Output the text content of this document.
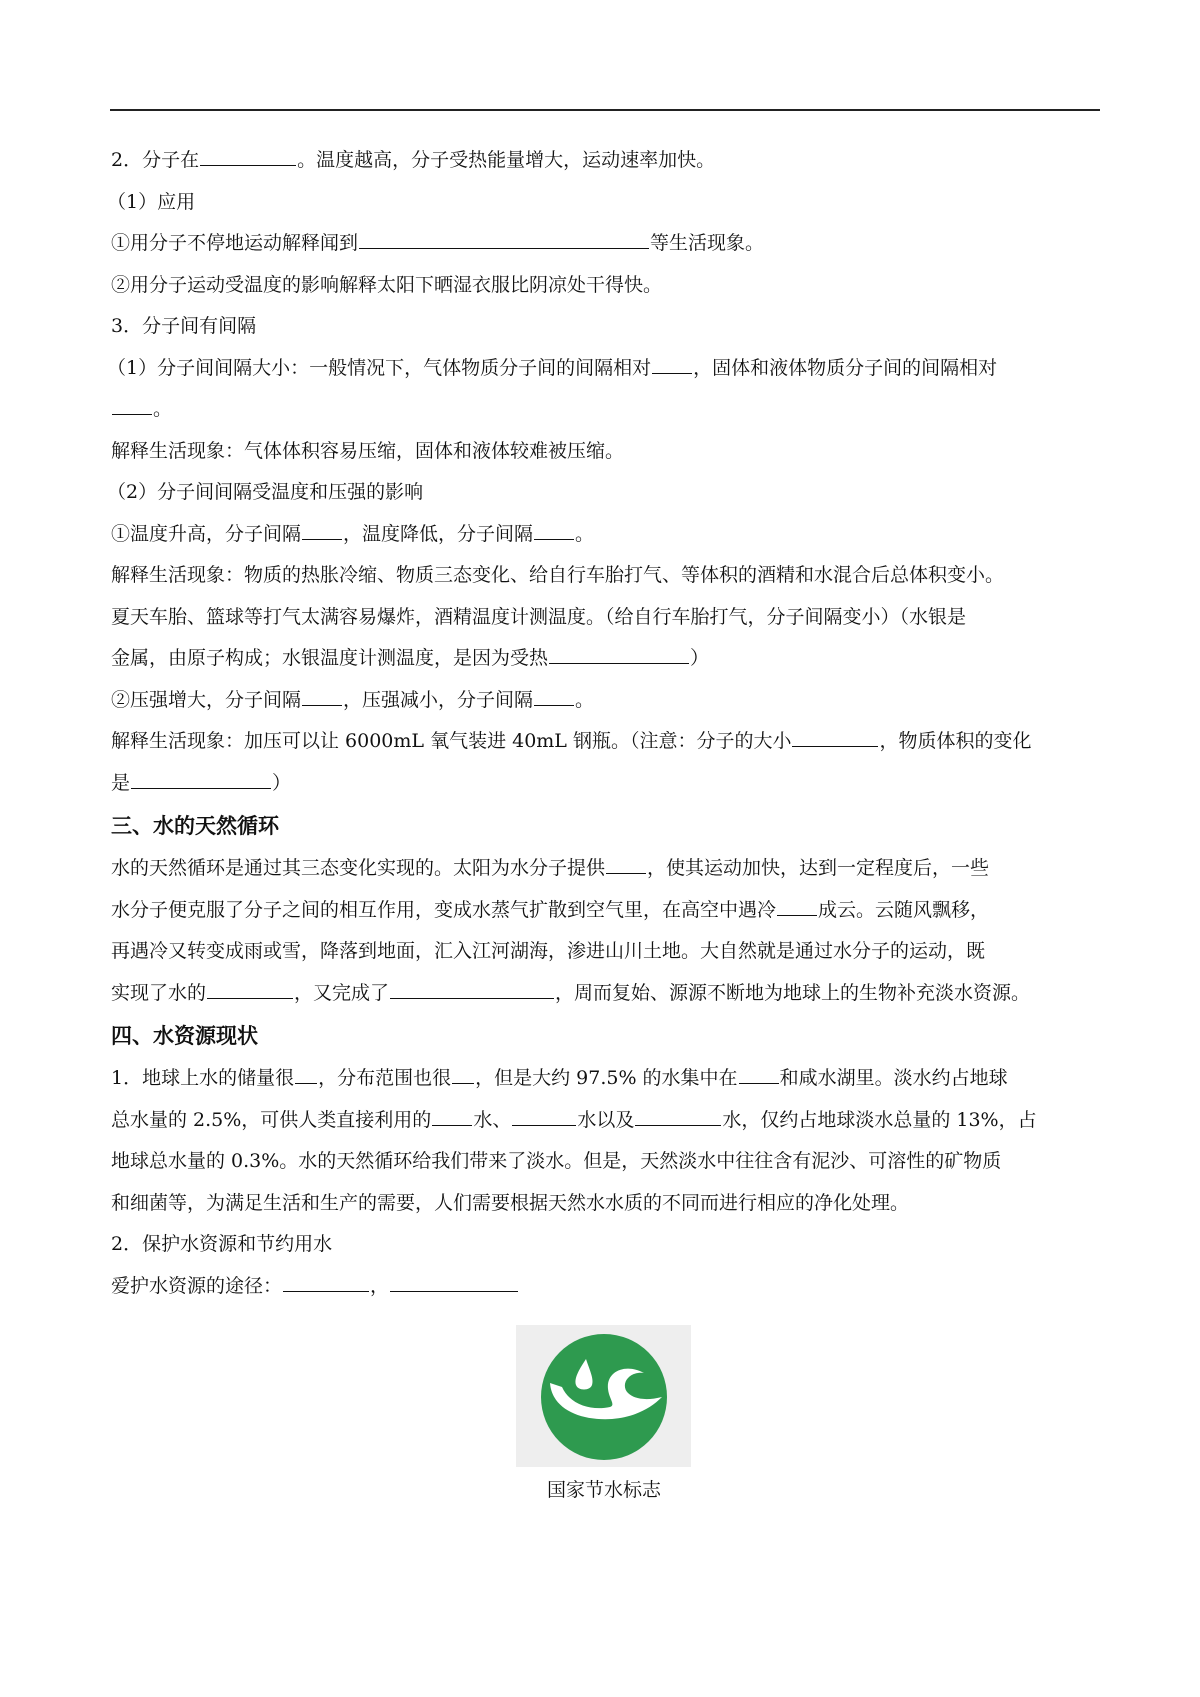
2．分子在	。温度越高，分子受热能量增大，运动速率加快。
（1）应用
①用分子不停地运动解释闻到	等生活现象。
②用分子运动受温度的影响解释太阳下晒湿衣服比阴凉处干得快。
3．分子间有间隔
（1）分子间间隔大小：一般情况下，气体物质分子间的间隔相对 ，固体和液体物质分子间的间隔相对
。
解释生活现象：气体体积容易压缩，固体和液体较难被压缩。
（2）分子间间隔受温度和压强的影响
①温度升高，分子间隔 ，温度降低，分子间隔 。
解释生活现象：物质的热胀冷缩、物质三态变化、给自行车胎打气、等体积的酒精和水混合后总体积变小。
夏天车胎、篮球等打气太满容易爆炸，酒精温度计测温度。（给自行车胎打气，分子间隔变小）（水银是
金属，由原子构成；水银温度计测温度，是因为受热	）
②压强增大，分子间隔 ，压强减小，分子间隔 。
解释生活现象：加压可以让 6000mL 氧气装进 40mL 钢瓶。（注意：分子的大小	，物质体积的变化
是	）
三、水的天然循环
水的天然循环是通过其三态变化实现的。太阳为水分子提供 ，使其运动加快，达到一定程度后，一些
水分子便克服了分子之间的相互作用，变成水蒸气扩散到空气里，在高空中遇冷 成云。云随风飘移，
再遇冷又转变成雨或雪，降落到地面，汇入江河湖海，渗进山川土地。大自然就是通过水分子的运动，既
实现了水的	，又完成了	，周而复始、源源不断地为地球上的生物补充淡水资源。
四、水资源现状
1．地球上水的储量很 ，分布范围也很 ，但是大约 97.5% 的水集中在 和咸水湖里。淡水约占地球
总水量的 2.5%，可供人类直接利用的 水、	水以及	水，仅约占地球淡水总量的 13%，占
地球总水量的 0.3%。水的天然循环给我们带来了淡水。但是，天然淡水中往往含有泥沙、可溶性的矿物质
和细菌等，为满足生活和生产的需要，人们需要根据天然水水质的不同而进行相应的净化处理。
2．保护水资源和节约用水
爱护水资源的途径：	，
国家节水标志
